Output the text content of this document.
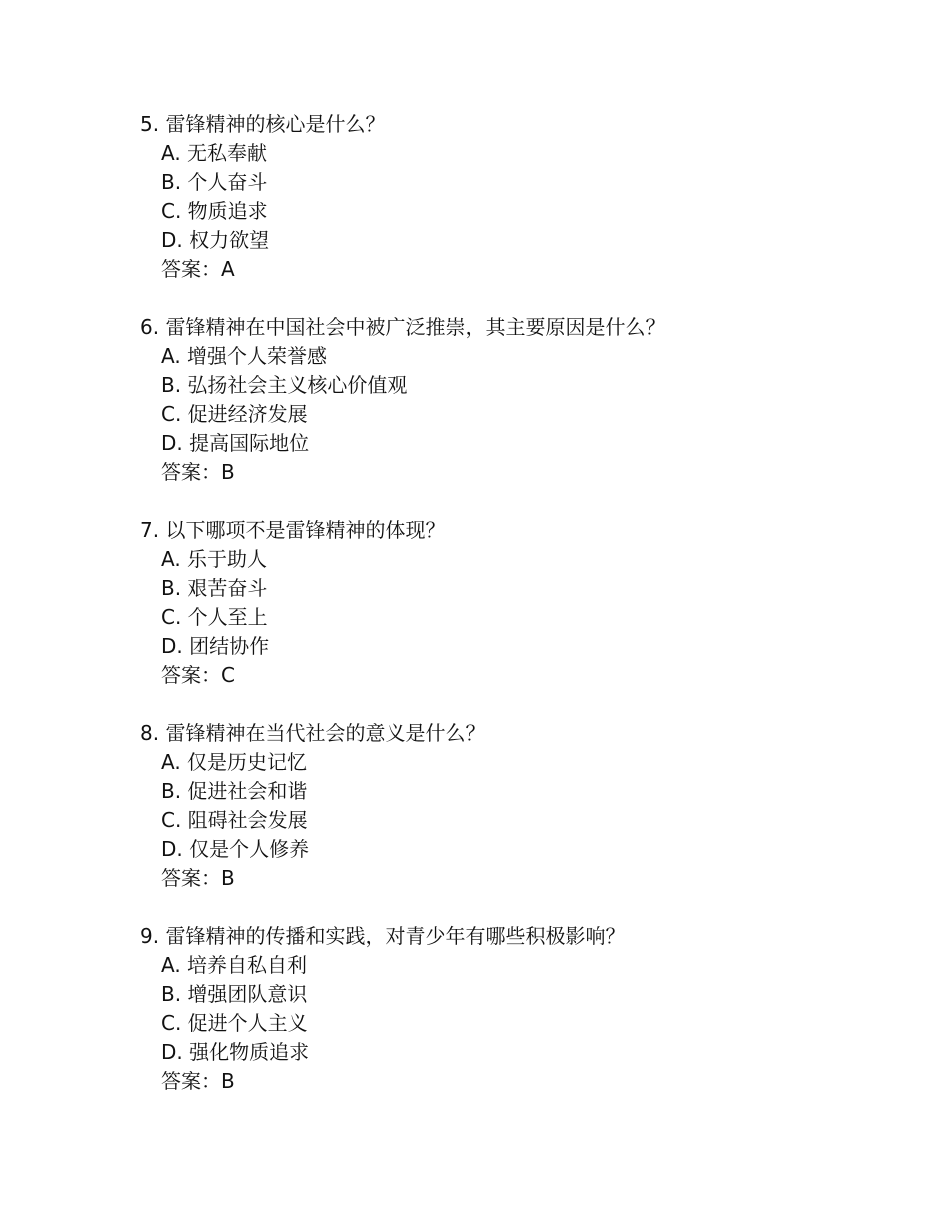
5. 雷锋精神的核心是什么？
A. 无私奉献
B. 个人奋斗
C. 物质追求
D. 权力欲望
答案：A
6. 雷锋精神在中国社会中被广泛推崇，其主要原因是什么？
A. 增强个人荣誉感
B. 弘扬社会主义核心价值观
C. 促进经济发展
D. 提高国际地位
答案：B
7. 以下哪项不是雷锋精神的体现？
A. 乐于助人
B. 艰苦奋斗
C. 个人至上
D. 团结协作
答案：C
8. 雷锋精神在当代社会的意义是什么？
A. 仅是历史记忆
B. 促进社会和谐
C. 阻碍社会发展
D. 仅是个人修养
答案：B
9. 雷锋精神的传播和实践，对青少年有哪些积极影响？
A. 培养自私自利
B. 增强团队意识
C. 促进个人主义
D. 强化物质追求
答案：B
